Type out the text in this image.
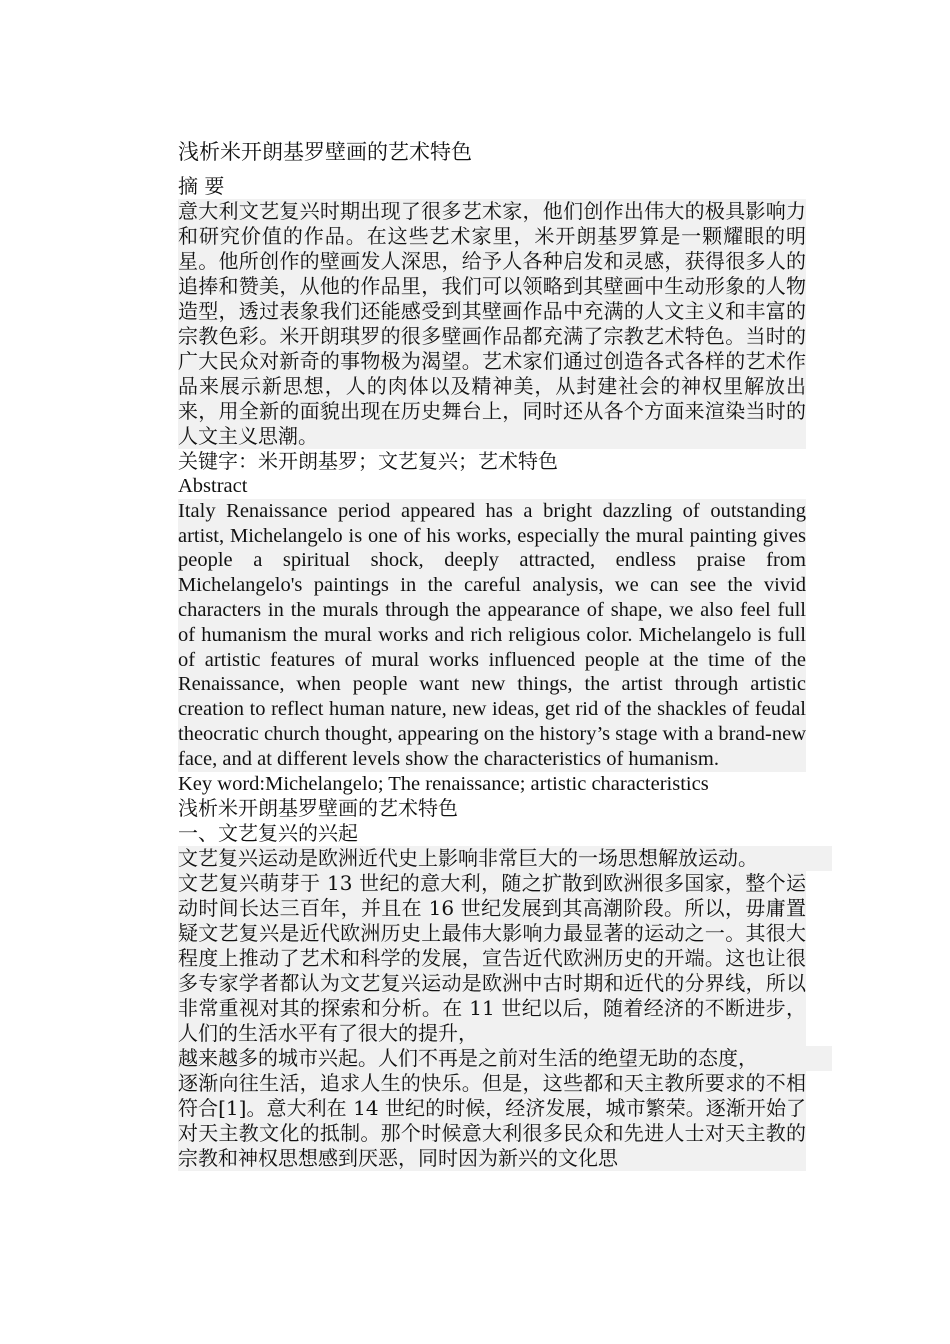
浅析米开朗基罗壁画的艺术特色

摘 要

意大利文艺复兴时期出现了很多艺术家，他们创作出伟大的极具影响力和研究价值的作品。在这些艺术家里，米开朗基罗算是一颗耀眼的明星。他所创作的壁画发人深思，给予人各种启发和灵感，获得很多人的追捧和赞美，从他的作品里，我们可以领略到其壁画中生动形象的人物造型，透过表象我们还能感受到其壁画作品中充满的人文主义和丰富的宗教色彩。米开朗琪罗的很多壁画作品都充满了宗教艺术特色。当时的广大民众对新奇的事物极为渴望。艺术家们通过创造各式各样的艺术作品来展示新思想，人的肉体以及精神美，从封建社会的神权里解放出来，用全新的面貌出现在历史舞台上，同时还从各个方面来渲染当时的人文主义思潮。

关键字：米开朗基罗；文艺复兴；艺术特色

Abstract

Italy Renaissance period appeared has a bright dazzling of outstanding artist, Michelangelo is one of his works, especially the mural painting gives people a spiritual shock, deeply attracted, endless praise from Michelangelo's paintings in the careful analysis, we can see the vivid characters in the murals through the appearance of shape, we also feel full of humanism the mural works and rich religious color. Michelangelo is full of artistic features of mural works influenced people at the time of the Renaissance, when people want new things, the artist through artistic creation to reflect human nature, new ideas, get rid of the shackles of feudal theocratic church thought, appearing on the history’s stage with a brand-new face, and at different levels show the characteristics of humanism.

Key word:Michelangelo; The renaissance; artistic characteristics

浅析米开朗基罗壁画的艺术特色

一、文艺复兴的兴起

文艺复兴运动是欧洲近代史上影响非常巨大的一场思想解放运动。

文艺复兴萌芽于 13 世纪的意大利，随之扩散到欧洲很多国家，整个运动时间长达三百年，并且在 16 世纪发展到其高潮阶段。所以，毋庸置疑文艺复兴是近代欧洲历史上最伟大影响力最显著的运动之一。其很大程度上推动了艺术和科学的发展，宣告近代欧洲历史的开端。这也让很多专家学者都认为文艺复兴运动是欧洲中古时期和近代的分界线，所以非常重视对其的探索和分析。在 11 世纪以后，随着经济的不断进步，人们的生活水平有了很大的提升，

越来越多的城市兴起。人们不再是之前对生活的绝望无助的态度，

逐渐向往生活，追求人生的快乐。但是，这些都和天主教所要求的不相符合[1]。意大利在 14 世纪的时候，经济发展，城市繁荣。逐渐开始了对天主教文化的抵制。那个时候意大利很多民众和先进人士对天主教的宗教和神权思想感到厌恶，同时因为新兴的文化思
